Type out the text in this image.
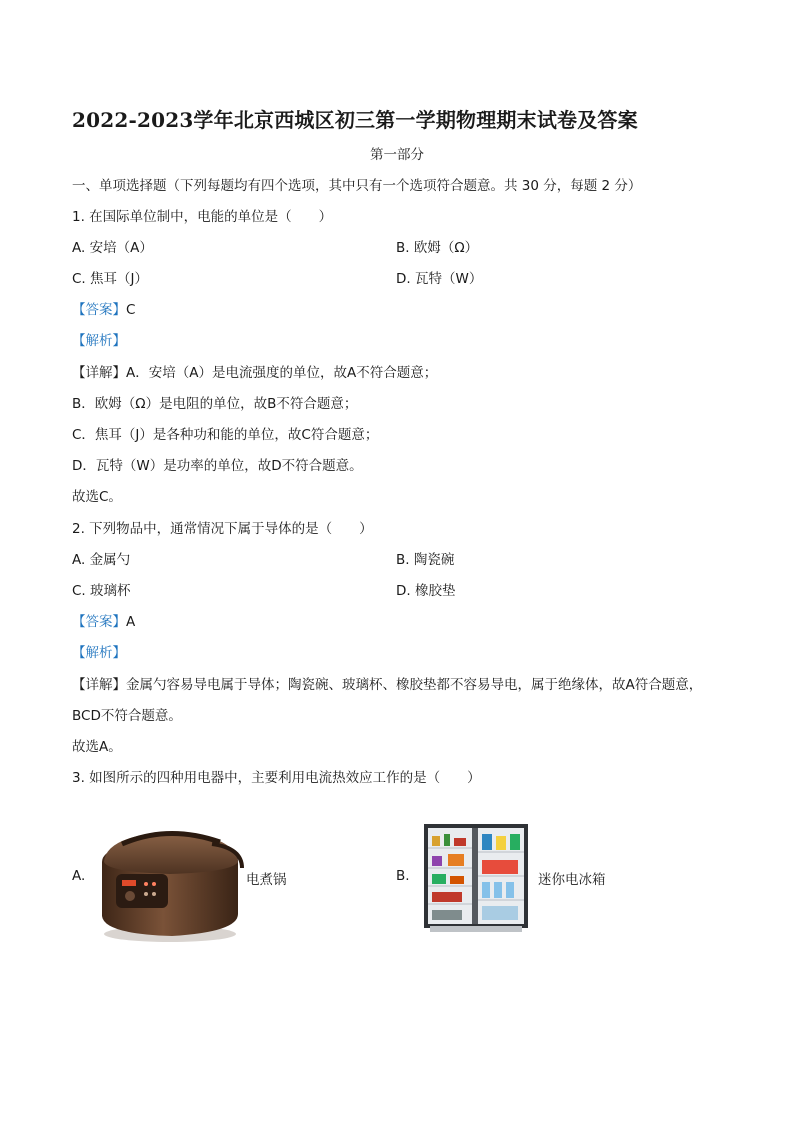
2022-2023学年北京西城区初三第一学期物理期末试卷及答案
第一部分
一、单项选择题（下列每题均有四个选项，其中只有一个选项符合题意。共 30 分，每题 2 分）
1. 在国际单位制中，电能的单位是（　　）
A. 安培（A）	B. 欧姆（Ω）
C. 焦耳（J）	D. 瓦特（W）
【答案】C
【解析】
【详解】A．安培（A）是电流强度的单位，故A不符合题意；
B．欧姆（Ω）是电阻的单位，故B不符合题意；
C．焦耳（J）是各种功和能的单位，故C符合题意；
D．瓦特（W）是功率的单位，故D不符合题意。
故选C。
2. 下列物品中，通常情况下属于导体的是（　　）
A. 金属勺	B. 陶瓷碗
C. 玻璃杯	D. 橡胶垫
【答案】A
【解析】
【详解】金属勺容易导电属于导体；陶瓷碗、玻璃杯、橡胶垫都不容易导电，属于绝缘体，故A符合题意，
BCD不符合题意。
故选A。
3. 如图所示的四种用电器中，主要利用电流热效应工作的是（　　）
A.	电煮锅	B.	迷你电冰箱
